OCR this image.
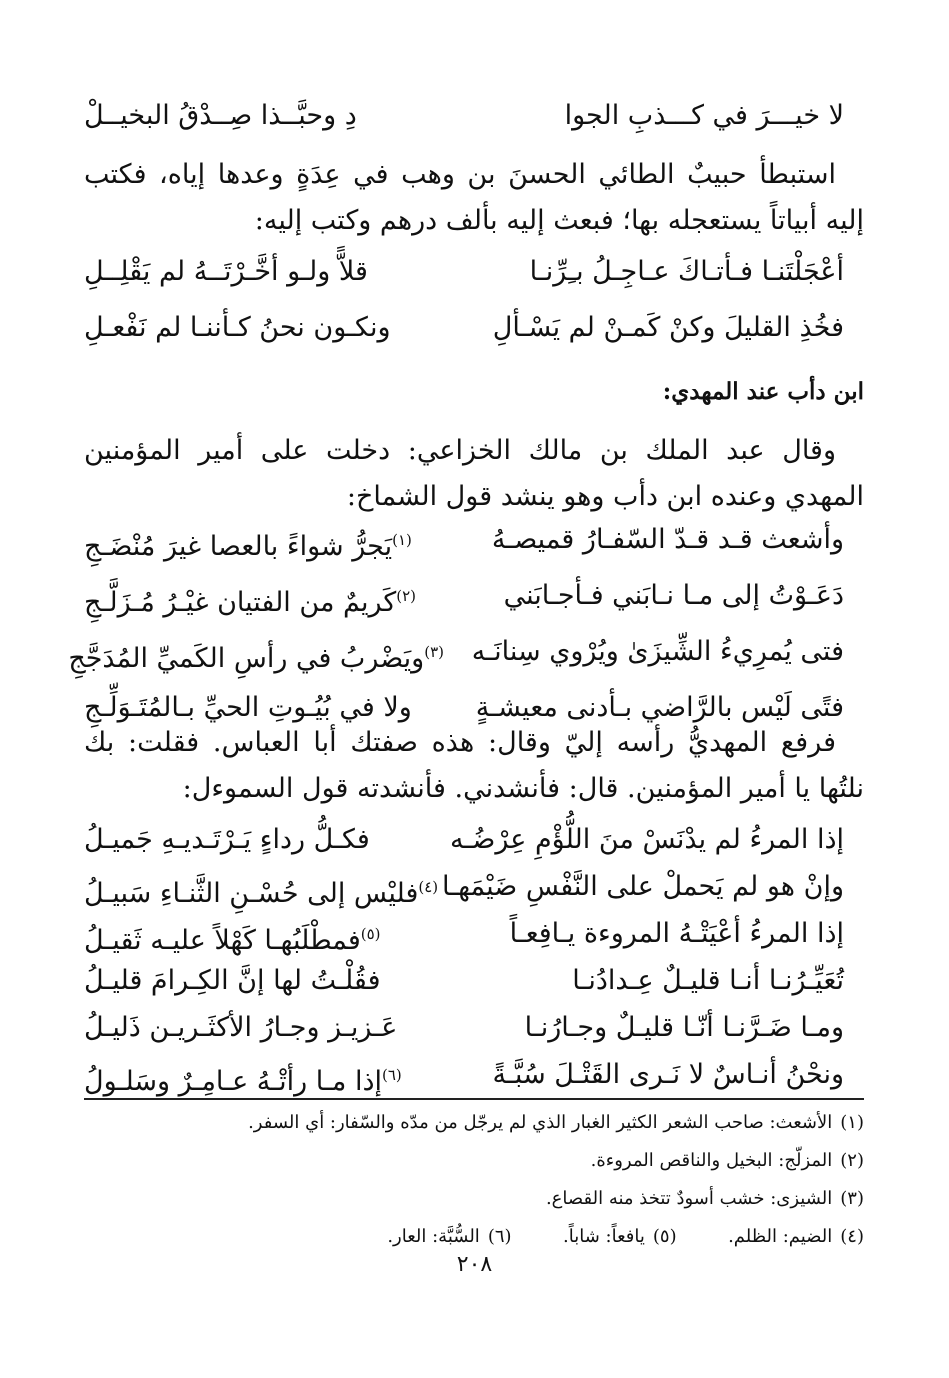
لا خيـــرَ في كـــذبِ الجوا
دِ وحبَّــذا صِــدْقُ البخيــلْ

استبطأ حبيبٌ الطائي الحسنَ بن وهب في عِدَةٍ وعدها إياه، فكتب إليه أبياتاً يستعجله بها؛ فبعث إليه بألف درهم وكتب إليه:

أعْجَلْتَنـا فـأتـاكَ عـاجِـلُ بـِرِّنـا
قلاًّ ولـو أخَّـرْتَــهُ لم يَقْلِــلِ
فخُذِ القليلَ وكنْ كَمـنْ لم يَسْـألِ
ونكـون نحنُ كـأننـا لم نَفْعـلِ

ابن دأب عند المهدي:

وقال عبد الملك بن مالك الخزاعي: دخلت على أمير المؤمنين المهدي وعنده ابن دأب وهو ينشد قول الشماخ:

وأشعث قـد قـدّ السّفـارُ قميصـهُ
$^{(١)}$يَجرُّ شواءً بالعصا غيرَ مُنْضَـجِ
دَعَـوْتُ إلى مـا نـابَني فـأجـابَني
$^{(٢)}$كَريمٌ من الفتيان غيْـرُ مُـزَلَّـجِ
فتى يُمرِيءُ الشِّيزَىٰ ويُرْوي سِنانَـه
$^{(٣)}$ويَضْربُ في رأسِ الكَميِّ المُدَجَّجِ
فتًى لَيْس بالرَّاضي بـأدنى معيشـةٍ
ولا في بُيُـوتِ الحيِّ بـالمُتَـوَلِّـجِ

فرفع المهديُّ رأسه إليّ وقال: هذه صفتك أبا العباس. فقلت: بك نلتُها يا أمير المؤمنين. قال: فأنشدني. فأنشدته قول السموءل:

إذا المرءُ لم يدْنَسْ منَ اللُّؤْمِ عِرْضُـه
فكـلُّ رداءٍ يَـرْتَـديـهِ جَميـلُ
وإنْ هو لم يَحملْ على النَّفْسِ ضَيْمَهـا
$^{(٤)}$فليْس إلى حُسْـنِ الثَّنـاءِ سَبيـلُ
إذا المرءُ أعْيَتْـهُ المروءة يـافِعـاً
$^{(٥)}$فمطْلَبُهـا كَهْلاً عليـه ثَقيـلُ
تُعَيِّـرُنـا أنـا قليـلٌ عِـدادُنـا
فقُلْـتُ لها إنَّ الكِـرامَ قليـلُ
ومـا ضَـرَّنـا أنّـا قليـلٌ وجـارُنـا
عَـزيـز وجـارُ الأكثَـريـن ذَليـلُ
ونحْنُ أنـاسٌ لا نَـرى القَتْـلَ سُبَّـةً
$^{(٦)}$إذا مـا رأتْـهُ عـامِـرٌ وسَلـولُ
(١)الأشعث: صاحب الشعر الكثير الغبار الذي لم يرجّل من مدّه والسّفار: أي السفر.
(٢)المزلّج: البخيل والناقص المروءة.
(٣)الشيزى: خشب أسودٌ تتخذ منه القصاع.
(٤)الضيم: الظلم.  (٥)يافعاً: شاباً.  (٦)السُّبَّة: العار.
٢٠٨
